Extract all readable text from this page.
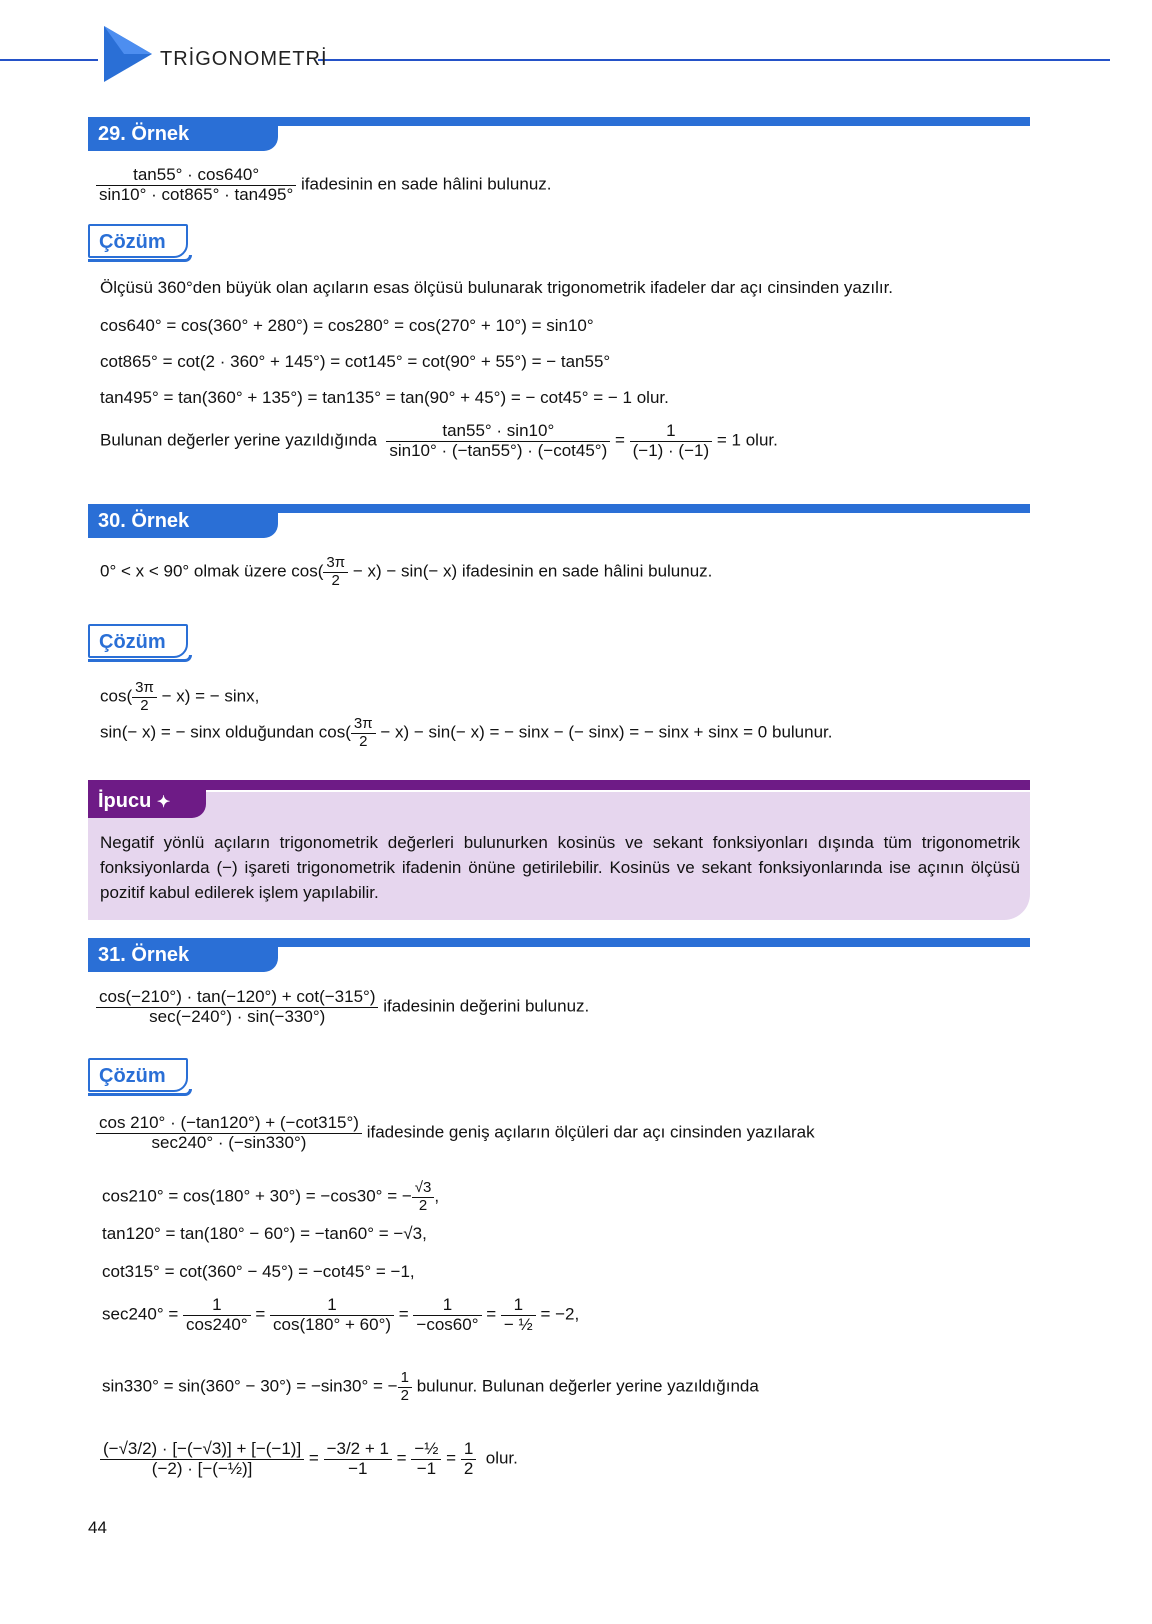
TRİGONOMETRİ
29. Örnek
$\frac{\tan 55^\circ \cdot \cos 640^\circ}{\sin 10^\circ \cdot \cot 865^\circ \cdot \tan 495^\circ}$ ifadesinin en sade hâlini bulunuz.
Çözüm
Ölçüsü 360°den büyük olan açıların esas ölçüsü bulunarak trigonometrik ifadeler dar açı cinsinden yazılır.
cos640° = cos(360° + 280°) = cos280° = cos(270° + 10°) = sin10°
cot865° = cot(2 · 360° + 145°) = cot145° = cot(90° + 55°) = − tan55°
tan495° = tan(360° + 135°) = tan135° = tan(90° + 45°) = − cot45° = − 1 olur.
Bulunan değerler yerine yazıldığında $\frac{\tan 55^\circ \cdot \sin 10^\circ}{\sin 10^\circ \cdot (-\tan 55^\circ) \cdot (-\cot 45^\circ)} = \frac{1}{(-1) \cdot (-1)} = 1$ olur.
30. Örnek
0° < x < 90° olmak üzere $\cos( \frac{3\pi}{2} - x) - \sin(- x)$ ifadesinin en sade hâlini bulunuz.
Çözüm
$\cos( \frac{3\pi}{2} - x)$ = − sinx,
sin(− x) = − sinx olduğundan $\cos( \frac{3\pi}{2} - x) - \sin(- x)$ = − sinx − (− sinx) = − sinx + sinx = 0 bulunur.
İpucu ✦
Negatif yönlü açıların trigonometrik değerleri bulunurken kosinüs ve sekant fonksiyonları dışında tüm trigonometrik fonksiyonlarda (−) işareti trigonometrik ifadenin önüne getirilebilir. Kosinüs ve sekant fonksiyonlarında ise açının ölçüsü pozitif kabul edilerek işlem yapılabilir.
31. Örnek
$\frac{\cos(-210^\circ) \cdot \tan(-120^\circ) + \cot(-315^\circ)}{\sec(-240^\circ) \cdot \sin(-330^\circ)}$ ifadesinin değerini bulunuz.
Çözüm
$\frac{\cos 210^\circ \cdot (-\tan 120^\circ) + (-\cot 315^\circ)}{\sec 240^\circ \cdot (-\sin 330^\circ)}$ ifadesinde geniş açıların ölçüleri dar açı cinsinden yazılarak
cos210° = cos(180° + 30°) = −cos30° = − $\frac{√3}{2}$ ,
tan120° = tan(180° − 60°) = −tan60° = −√3,
cot315° = cot(360° − 45°) = −cot45° = −1,
$\sec 240^\circ = \frac{1}{\cos 240^\circ} = \frac{1}{\cos(180^\circ + 60^\circ)} = \frac{1}{-\cos 60^\circ} = \frac{1}{\text{− ½}} = -2$,
sin330° = sin(360° − 30°) = −sin30° = − $\frac{1}{2}$ bulunur. Bulunan değerler yerine yazıldığında
$\frac{(-√3/2) \cdot [-(-√3)] + [-(-1)]}{\text{(−2) · [−(−½)]}} = \frac{-3/2 + 1}{-1} = \frac{\text{−½}}{-1} = \frac{1}{2}$ olur.
44
